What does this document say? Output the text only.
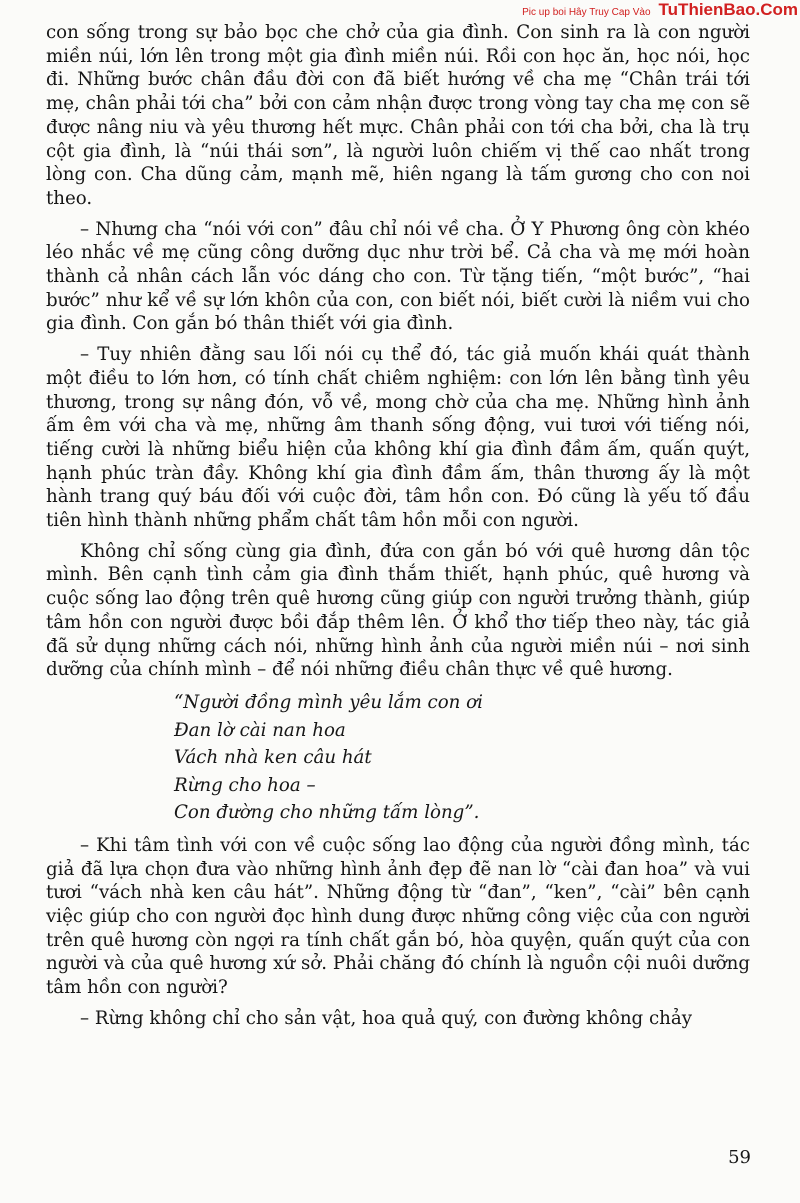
Pic up boi Hây Truy Cap Vào TuThienBao.Com

con sống trong sự bảo bọc che chở của gia đình. Con sinh ra là con người miền núi, lớn lên trong một gia đình miền núi. Rồi con học ăn, học nói, học đi. Những bước chân đầu đời con đã biết hướng về cha mẹ “Chân trái tới mẹ, chân phải tới cha” bởi con cảm nhận được trong vòng tay cha mẹ con sẽ được nâng niu và yêu thương hết mực. Chân phải con tới cha bởi, cha là trụ cột gia đình, là “núi thái sơn”, là người luôn chiếm vị thế cao nhất trong lòng con. Cha dũng cảm, mạnh mẽ, hiên ngang là tấm gương cho con noi theo.

– Nhưng cha “nói với con” đâu chỉ nói về cha. Ở Y Phương ông còn khéo léo nhắc về mẹ cũng công dưỡng dục như trời bể. Cả cha và mẹ mới hoàn thành cả nhân cách lẫn vóc dáng cho con. Từ tặng tiến, “một bước”, “hai bước” như kể về sự lớn khôn của con, con biết nói, biết cười là niềm vui cho gia đình. Con gắn bó thân thiết với gia đình.

– Tuy nhiên đằng sau lối nói cụ thể đó, tác giả muốn khái quát thành một điều to lớn hơn, có tính chất chiêm nghiệm: con lớn lên bằng tình yêu thương, trong sự nâng đón, vỗ về, mong chờ của cha mẹ. Những hình ảnh ấm êm với cha và mẹ, những âm thanh sống động, vui tươi với tiếng nói, tiếng cười là những biểu hiện của không khí gia đình đầm ấm, quấn quýt, hạnh phúc tràn đầy. Không khí gia đình đầm ấm, thân thương ấy là một hành trang quý báu đối với cuộc đời, tâm hồn con. Đó cũng là yếu tố đầu tiên hình thành những phẩm chất tâm hồn mỗi con người.

Không chỉ sống cùng gia đình, đứa con gắn bó với quê hương dân tộc mình. Bên cạnh tình cảm gia đình thắm thiết, hạnh phúc, quê hương và cuộc sống lao động trên quê hương cũng giúp con người trưởng thành, giúp tâm hồn con người được bồi đắp thêm lên. Ở khổ thơ tiếp theo này, tác giả đã sử dụng những cách nói, những hình ảnh của người miền núi – nơi sinh dưỡng của chính mình – để nói những điều chân thực về quê hương.

“Người đồng mình yêu lắm con ơi
Đan lờ cài nan hoa
Vách nhà ken câu hát
Rừng cho hoa –
Con đường cho những tấm lòng”.

– Khi tâm tình với con về cuộc sống lao động của người đồng mình, tác giả đã lựa chọn đưa vào những hình ảnh đẹp đẽ nan lờ “cài đan hoa” và vui tươi “vách nhà ken câu hát”. Những động từ “đan”, “ken”, “cài” bên cạnh việc giúp cho con người đọc hình dung được những công việc của con người trên quê hương còn ngợi ra tính chất gắn bó, hòa quyện, quấn quýt của con người và của quê hương xứ sở. Phải chăng đó chính là nguồn cội nuôi dưỡng tâm hồn con người?

– Rừng không chỉ cho sản vật, hoa quả quý, con đường không chảy

59
